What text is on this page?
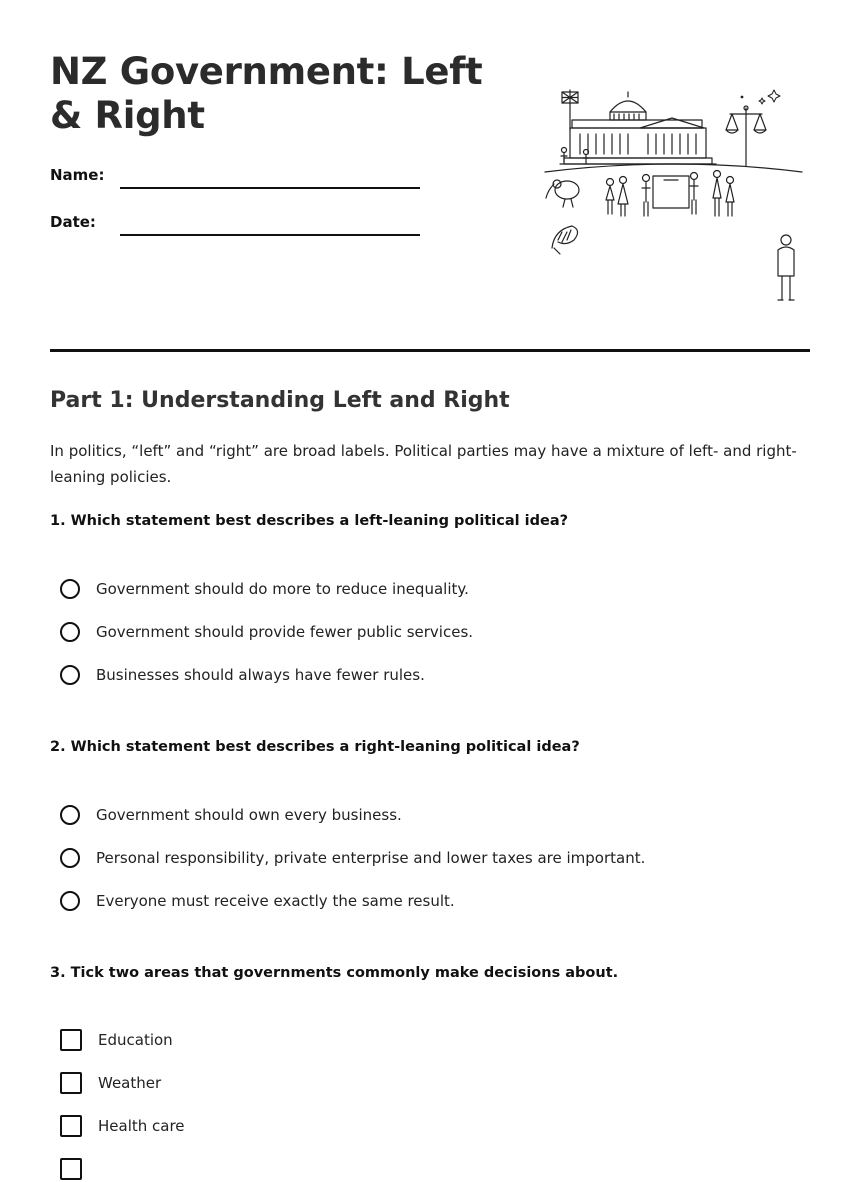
NZ Government: Left & Right
Name:
Date:
Part 1: Understanding Left and Right

In politics, “left” and “right” are broad labels. Political parties may have a mixture of left- and right-leaning policies.

1. Which statement best describes a left-leaning political idea?

Government should do more to reduce inequality.
Government should provide fewer public services.
Businesses should always have fewer rules.

2. Which statement best describes a right-leaning political idea?

Government should own every business.
Personal responsibility, private enterprise and lower taxes are important.
Everyone must receive exactly the same result.

3. Tick two areas that governments commonly make decisions about.

Education
Weather
Health care
